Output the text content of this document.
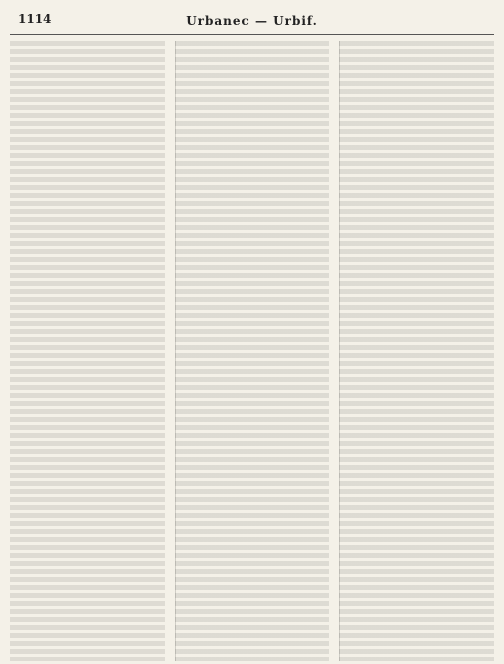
1114	Urbanec — Urbif.
